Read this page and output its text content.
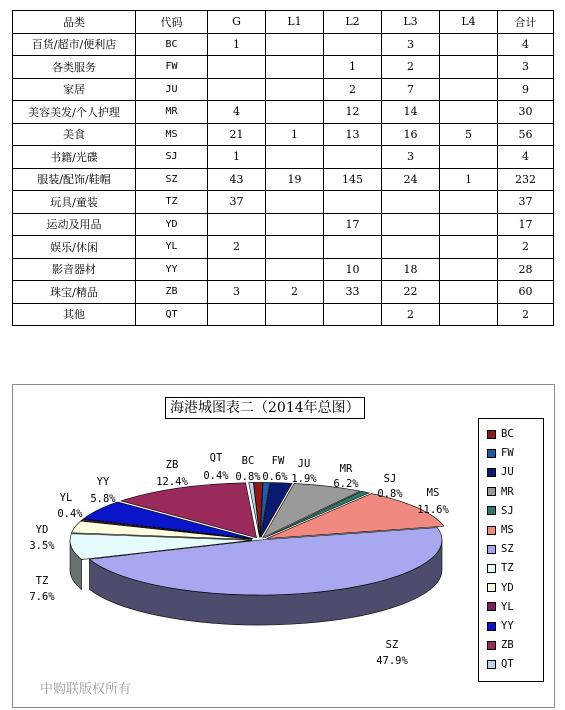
品类	代码	G	L1	L2	L3	L4	合计
百货/超市/便利店	BC	1			3		4
各类服务	FW			1	2		3
家居	JU			2	7		9
美容美发/个人护理	MR	4		12	14		30
美食	MS	21	1	13	16	5	56
书籍/光碟	SJ	1			3		4
服装/配饰/鞋帽	SZ	43	19	145	24	1	232
玩具/童装	TZ	37					37
运动及用品	YD			17			17
娱乐/休闲	YL	2					2
影音器材	YY			10	18		28
珠宝/精品	ZB	3	2	33	22		60
其他	QT				2		2
BC
0.8%
FW
0.6%
JU
1.9%
MR
6.2% SJ
0.8% MS
11.6%
SZ
47.9%
TZ
7.6%
YD
3.5%
YL
0.4%
YY
5.8%
ZB
12.4%
QT
0.4%
海港城图表二（2014年总图）
BC
FW
JU
MR
SJ
MS
SZ
TZ
YD
YL
YY
ZB
QT
中购联版权所有
